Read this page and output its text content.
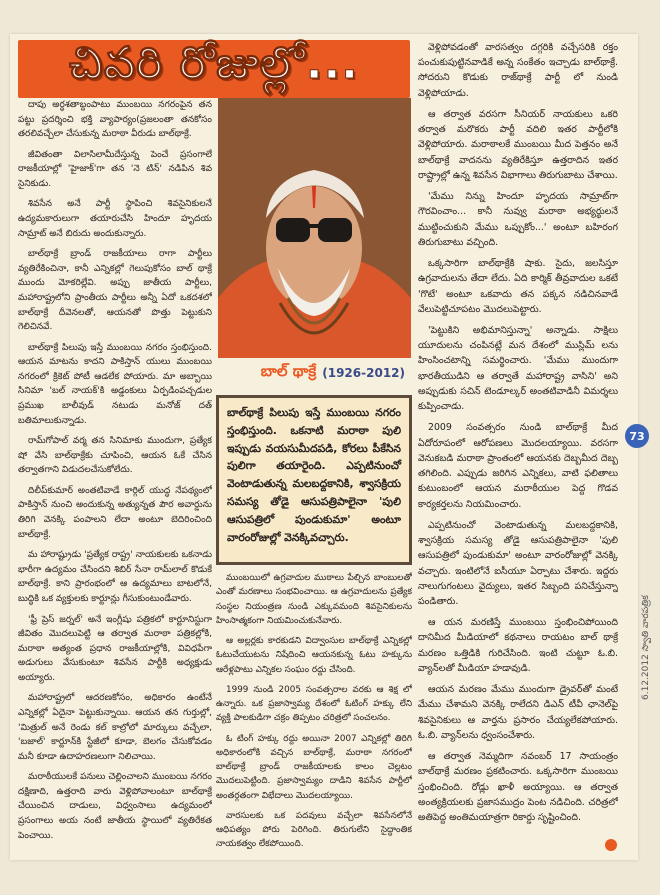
చివరి రోజుల్లో...

దాపు అర్ధశతాబ్దంపాటు ముంబయి నగరంపైన తన పట్టు ప్రదర్శించి భక్తి వ్యాపార్యం(ప్రజలంతా తనకోసం తరలివచ్చేలా చేసుకున్న మరాఠా వీరుడు బాల్‌థాక్రే.

జీవితంతా విలాసిలామీదేస్తున్న పెంచే ప్రసంగాలే రాజకీయాల్లో 'హైజాక్‌'గా తన 'నె టిన్' నడిపిన శివ సైనికుడు.

శివసేన అనే పార్టీ స్థాపించి శివసైనికులనే ఉద్యమకారులుగా తయారుచేసి హిందూ హృదయ సామ్రాట్ అనే బిరుదు అందుకున్నారు.

బాల్‌థాక్రే బ్రాండ్ రాజకీయాలు రాగా పార్టీలు వ్యతిరేకించినా, కానీ ఎన్నికల్లో గెలుపుకోసం బాల్ థాక్రే ముందు మోకరిల్లేవి. అప్పు జాతీయ పార్టీలు, మహారాష్ట్రలోని ప్రాంతీయ పార్టీలు అన్నీ ఏదో ఒకదశలో బాల్‌థాక్రే దీవెనలతో, ఆయనతో పొత్తు పెట్టుకుని గెలిచినవే.

బాల్‌థాక్రే పిలుపు ఇస్తే ముంబయి నగరం స్తంభిస్తుంది. ఆయన మాటను కాదని పాకిస్తాన్ యులు ముంబయి నగరంలో క్రికెట్ పోటీ ఆడలేక పోయారు. మా అబ్బాయి సినిమా 'బల్ నాయక్'కి అడ్డంకులు ఏర్పడింపచ్చడుల ప్రముఖ బాలీవుడ్ నటుడు మనోజ్ దత్ బతిమాలుకున్నాడు.

రామ్‌గోపాల్ వర్మ తన సినిమాకు ముందుగా, ప్రత్యేక షో వేసి బాల్‌థాక్రేకు చూపించి, ఆయన ఓకే చేసిన తర్వాతగాని విడుదలచేసుకోలేదు.

దిలీప్‌కుమార్ అంతటివాడే కార్గిల్ యుద్ధ నేపథ్యంలో పాకిస్తాన్ నుంచి అందుకున్న అత్యున్నత పౌర అవార్డును తిరిగి వెనక్కి పంపాలని లేదా అంటూ బెదిరించింది బాల్‌థాక్రే.

మ హారాష్ట్రుడు 'ప్రత్యేక రాష్ట్ర' నాయకులకు ఒకనాడు భారీగా ఉద్యమం చేసిందని శిబిర్ సేనా రామ్‌లాల్ కొడుకే బాల్‌థాక్రే. కాని ప్రారంభంలో ఆ ఉద్యమాలు బాటలోనే, బుద్ధికి ఒక వ్యక్తులకు కార్టూన్లు గీసుకుంటుండేవారు.

'ఫ్రీ ప్రెస్ జర్నల్' అనే ఇంగ్లీషు పత్రికలో కార్టూనిస్టుగా జీవితం మొదలుపెట్టి ఆ తర్వాత మరాఠా పత్రికల్లోకి, మరాఠా అత్యంత ప్రధాన రాజకీయాల్లోకి, వివిధపేగా అడుగులు వేసుకుంటూ శివసేన పార్టీకి అధ్యక్షుడు అయ్యారు.

మహారాష్ట్రలో ఆదరణకోసం, అధికారం ఉంటేనే ఎన్నికల్లో ఏదైనా పెట్టుకున్నాయి. ఆయన తన గుర్తుల్లో, 'మిత్రుల్ అనే రెండు కల్ కాల్రోలో మార్కులు వచ్చేలా, 'బజాల్' కార్టూన్‌కి స్టేజీలో కూడా, బెలగం చేసుకోవడం మనీ కూడా ఉదాహరణలుగా నిలిచాయి.

మరాఠీయులకే పనులు చెల్లించాలని ముంబయి నగరం దక్షిణాది, ఉత్తరాది వారు వెళ్లిపోవాలంటూ బాల్‌థాక్రే చేయించిన దాడులు, విధ్వంసాలు ఉద్యమంలో ప్రసంగాలు అయ నంటే జాతీయ స్థాయిలో వ్యతిరేకత పెంచాయి.

బాల్ థాక్రే (1926-2012)
బాల్‌థాక్రే పిలుపు ఇస్తే ముంబయి నగరం స్తంభిస్తుంది. ఒకనాటి మరాఠా పులి ఇప్పుడు వయసుమీదపడి, కోరలు పీకేసిన పులిగా తయారైంది. ఎప్పటినుంచో వెంటాడుతున్న మలబద్దకానికి, శ్వాసక్రియ సమస్య తోడై ఆసుపత్రిపాలైనా 'పులి ఆసుపత్రిలో పుండుకుమా' అంటూ వారంరోజుల్లో వెనక్కివచ్చారు.

ముంబయిలో ఉగ్రవాదుల ముఠాలు పేల్చిన బాంబులతో ఎంతో మరణాలు సంభవించాయి. ఆ ఉగ్రవాదులను ప్రత్యేక సంస్థల నియంత్రణ నుండి ఎక్కువమంది శివసైనికులను హింసాత్మకంగా నియమించుకునేవారు.

ఆ అల్లర్లకు కారకుడని విద్వాంసుల బాల్‌థాక్రే ఎన్నికల్లో ఓటుచేయుటను నిషేదించి ఆయనకున్న ఓటు హక్కును ఆరేళ్లపాటు ఎన్నికల సంఘం రద్దు చేసింది.

1999 నుండి 2005 సంవత్సరాల వరకు ఆ శిక్ష లో ఉన్నారు. ఒక ప్రజాస్వామ్య దేశంలో ఓటింగ్ హక్కు లేని వ్యక్తి పాలకుడిగా చక్రం తిప్పటం చరిత్రలో సంచలనం.

ఓ టింగ్ హక్కు రద్దు అయినా 2007 ఎన్నికల్లో తిరిగి అధికారంలోకి వచ్చిన బాల్‌థాక్రే, మరాఠా నగరంలో బాల్‌థాక్రే బ్రాండ్ రాజకీయాలకు కాలం చెల్లటం మొదలుపెట్టింది. ప్రజాస్వామ్యం దాడిని శివసేన పార్టీలో అంతర్గతంగా విభేదాలు మొదలయ్యాయి.

వారసులకు ఒక పదవులు వచ్చేలా శివసేనలోనే ఆధిపత్యం పోరు పెరిగింది. తిరుగులేని సైద్ధాంతిక నాయకత్వం లేకపోయింది.

వెళ్లిపోవడంతో వారసత్వం దగ్గరికి వచ్చేసరికి రక్తం పంచుకుపుట్టినవాడికే అన్న సంకేతం ఇచ్చాడు బాల్‌థాక్రే. సోదరుని కొడుకు రాజ్‌థాక్రే పార్టీ లో నుండి వెళ్లిపోయాడు.

ఆ తర్వాత వరసగా సీనియర్ నాయకులు ఒకరి తర్వాత మరొకరు పార్టీ వదిలి ఇతర పార్టీలోకి వెళ్లిపోయారు. మరాఠాలకే ముంబయి మీద పెత్తనం అనే బాల్‌థాక్రే వాదనను వ్యతిరేకిస్తూ ఉత్తరాదిన ఇతర రాష్ట్రాల్లో ఉన్న శివసేన విభాగాలు తిరుగుబాటు చేశాయి.

'మేము నిన్ను హిందూ హృదయ సామ్రాట్‌గా గౌరవించాం... కానీ నువ్వు మరాఠా అభ్యర్థులనే ముట్టించుకుని మేము ఒప్పుకోం...' అంటూ బహిరంగ తిరుగుబాటు వచ్చింది.

ఒక్కసారిగా బాల్‌థాక్రేకి షాకు. సైదు, జలసిస్తూ ఉగ్రవాదులను తేదా లేదు. ఏది కార్మిక్ తీవ్రవాదుల ఒకటే 'గొటే' అంటూ ఒకవాదు తన పక్కన నడిచినవాడే వేలుపెట్టిచూపటం మొదలుపెట్టారు.

'పెట్టుకిని అభిమానిస్తున్నా' అన్నాడు. సాక్షిలు యూదులను చంపినట్లే మన దేశంలో ముస్లిమ్ లను హింసించటాన్ని సమర్థించారు. 'మేము ముందుగా భారతీయుడిని ఆ తర్వాతే మహారాష్ట్ర వాసిని' అని అప్పుడుకు సచిన్ టెండూల్కర్ అంతటివాడినీ విమర్శలు కుప్పించాడు.

2009 సంవత్సరం నుండి బాల్‌థాక్రే మీద ఏదోరూపంలో ఆరోపణలు మొదలయ్యాయి. వరసగా వెనుకబడి మరాఠా ప్రాంతంలో ఆయనకు దెబ్బమీద దెబ్బ తగిలింది. ఎప్పుడు జరిగిన ఎన్నికలు, వాటి ఫలితాలు కుటుంబంలో ఆయన మరాఠీయుల పెద్ద గొడవ కార్యకర్తలను నియమించారు.

ఎప్పటినుంచో వెంటాడుతున్న మలబద్దకానికి, శ్వాసక్రియ సమస్య తోడై ఆసుపత్రిపాలైనా 'పులి ఆసుపత్రిలో పుండుకుమా' అంటూ వారంరోజుల్లో వెనక్కి వచ్చారు. ఇంటిలోనే ఐసీయూ ఏర్పాటు చేశారు. ఇద్దరు నాలుగుగంటలు వైద్యులు, ఇతర సిబ్బంది పనిచేస్తున్నా పండితారు.

ఆ యన మరణిస్తే ముంబయి స్తంభించిపోయింది దానిమీద మీడియాలో కథనాలు రాయటం బాల్ థాక్రే మరణం ఒత్తిడికి గురిచేసింది. ఇంటి చుట్టూ ఓ.బి. వ్యాన్‌లతో మీడియా హడావుడి.

ఆయన మరణం మేము ముందుగా డ్రైవర్‌తో మంటే మేము చేశామని వెనక్కి రాలేదని డిఎన్ టీవీ ఛానెల్‌పై శివసైనికులు ఆ వార్తను ప్రసారం చేయ్యలేకపోయారు. ఓ.బి. వ్యాన్‌లను ధ్వంసంచేశారు.

ఆ తర్వాత నెమ్మదిగా నవంబర్ 17 సాయంత్రం బాల్‌థాక్రే మరణం ప్రకటించారు. ఒక్కసారిగా ముంబయి స్తంభించింది. రోడ్లు ఖాళీ అయ్యాయి. ఆ తర్వాత అంత్యక్రియలకు ప్రజాసముద్రం పెంట నడిచింది. చరిత్రలో అతిపెద్ద అంతిమయాత్రగా రికార్డు సృష్టించింది.

73
6.12.2012 స్వాతి వారపత్రిక
